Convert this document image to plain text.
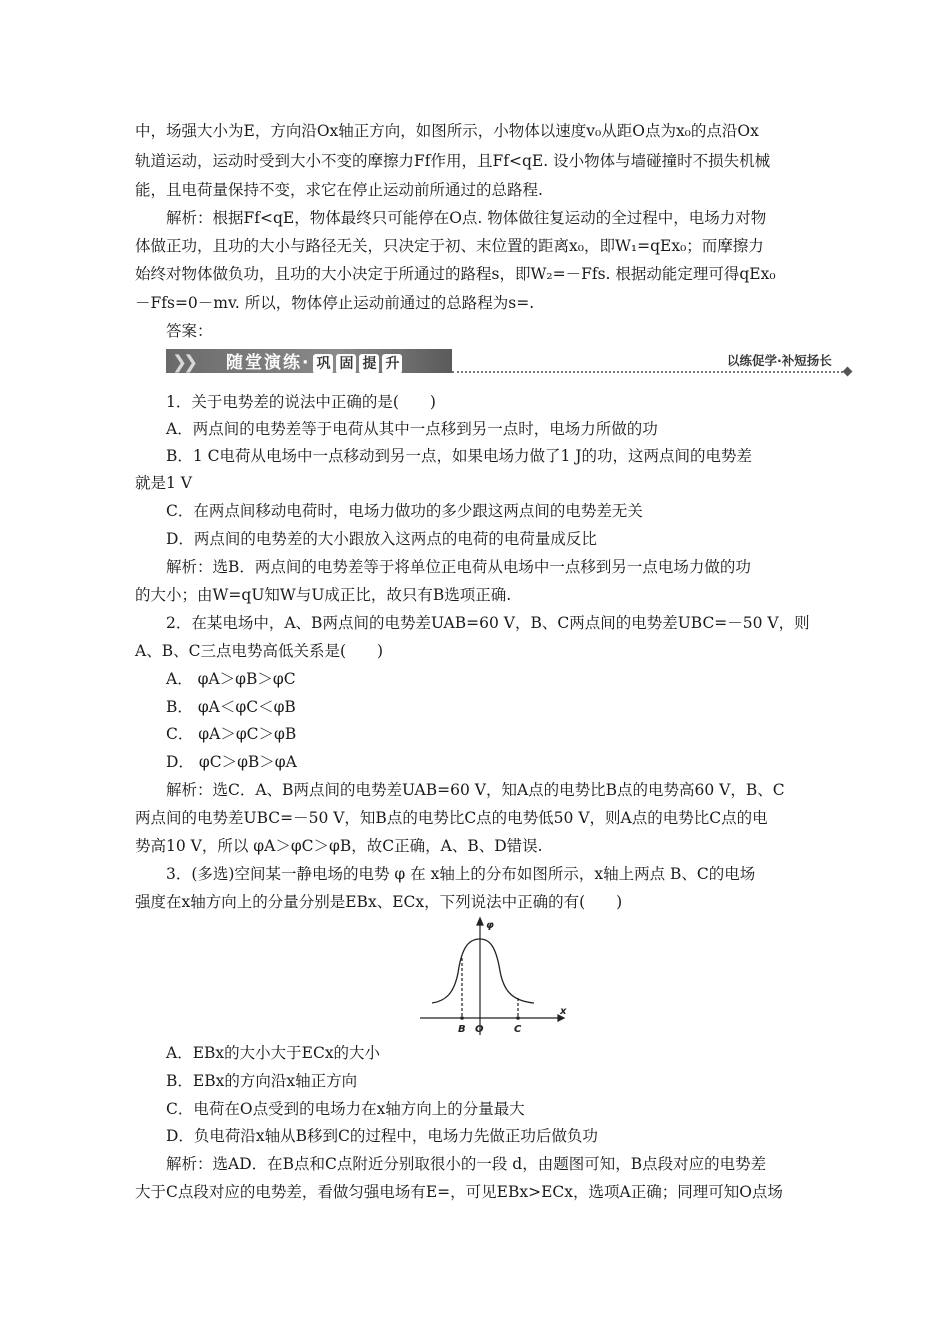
中，场强大小为E，方向沿Ox轴正方向，如图所示，小物体以速度v₀从距O点为x₀的点沿Ox
轨道运动，运动时受到大小不变的摩擦力Ff作用，且Ff<qE. 设小物体与墙碰撞时不损失机械
能，且电荷量保持不变，求它在停止运动前所通过的总路程.
解析：根据Ff<qE，物体最终只可能停在O点. 物体做往复运动的全过程中，电场力对物
体做正功，且功的大小与路径无关，只决定于初、末位置的距离x₀，即W₁=qEx₀；而摩擦力
始终对物体做负功，且功的大小决定于所通过的路程s，即W₂=－Ffs. 根据动能定理可得qEx₀
－Ffs=0－mv. 所以，物体停止运动前通过的总路程为s=.
答案：
❯❯	随堂演练· 巩 固 提 升	以练促学·补短扬长
1．关于电势差的说法中正确的是(　　)
A．两点间的电势差等于电荷从其中一点移到另一点时，电场力所做的功
B．1 C电荷从电场中一点移动到另一点，如果电场力做了1 J的功，这两点间的电势差
就是1 V
C．在两点间移动电荷时，电场力做功的多少跟这两点间的电势差无关
D．两点间的电势差的大小跟放入这两点的电荷的电荷量成反比
解析：选B．两点间的电势差等于将单位正电荷从电场中一点移到另一点电场力做的功
的大小；由W=qU知W与U成正比，故只有B选项正确.
2．在某电场中，A、B两点间的电势差UAB=60 V，B、C两点间的电势差UBC=－50 V，则
A、B、C三点电势高低关系是(　　)
A． φA＞φB＞φC
B． φA＜φC＜φB
C． φA＞φC＞φB
D． φC＞φB＞φA
解析：选C．A、B两点间的电势差UAB=60 V，知A点的电势比B点的电势高60 V，B、C
两点间的电势差UBC=－50 V，知B点的电势比C点的电势低50 V，则A点的电势比C点的电
势高10 V，所以 φA＞φC＞φB，故C正确，A、B、D错误.
3．(多选)空间某一静电场的电势 φ 在 x轴上的分布如图所示，x轴上两点 B、C的电场
强度在x轴方向上的分量分别是EBx、ECx，下列说法中正确的有(　　)
φ
x
B O	C
A．EBx的大小大于ECx的大小
B．EBx的方向沿x轴正方向
C．电荷在O点受到的电场力在x轴方向上的分量最大
D．负电荷沿x轴从B移到C的过程中，电场力先做正功后做负功
解析：选AD．在B点和C点附近分别取很小的一段 d，由题图可知，B点段对应的电势差
大于C点段对应的电势差，看做匀强电场有E=，可见EBx>ECx，选项A正确；同理可知O点场
